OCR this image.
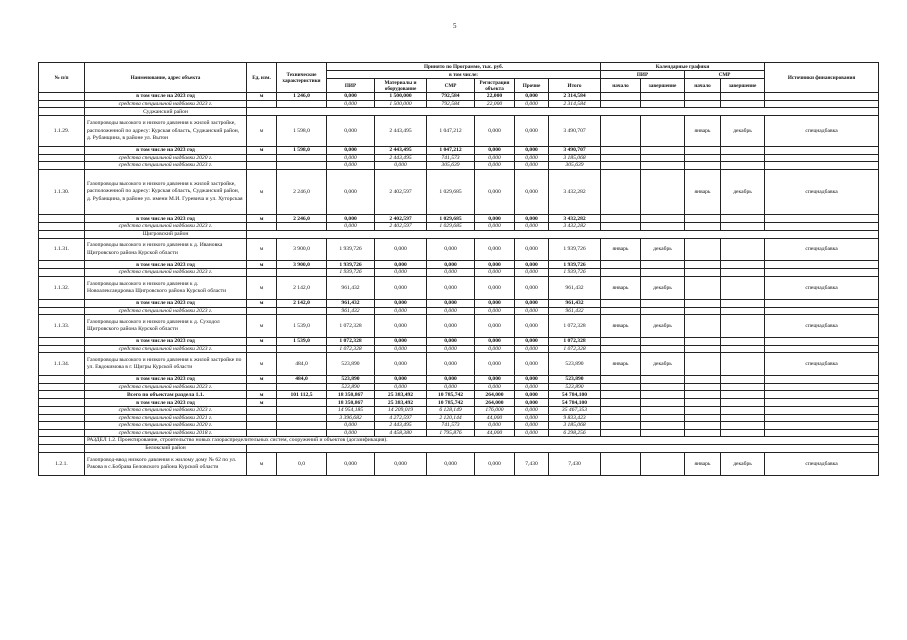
5
№ п/п	Наименование, адрес объекта	Ед. изм.	Технические характеристики	Принято по Программе, тыс. руб.						Календарные графики				Источники финансирования
				в том числе:						ПИР		СМР		
				ПИР	Материалы и оборудование	СМР	Регистрация объекта	Прочие	Итого	начало	завершение	начало	завершение	
	в том числе на 2023 год	м	1 246,0	0,000	1 500,000	792,584	22,000	0,000	2 314,584					
	средства специальной надбавки 2023 г.			0,000	1 500,000	792,584	22,000	0,000	2 314,584					
	Суджанский район													
1.1.29.	Газопроводы высокого и низкого давления к жилой застройке, расположенной по адресу: Курская область, Суджанский район, д. Рубанщина, в районе ул. Вытон	м	1 598,0	0,000	2 443,495	1 047,212	0,000	0,000	3 490,707			январь	декабрь	спецнадбавка
	в том числе на 2023 год	м	1 598,0	0,000	2 443,495	1 047,212	0,000	0,000	3 490,707					
	средства специальной надбавки 2020 г.			0,000	2 443,495	741,573	0,000	0,000	3 185,068					
	средства специальной надбавки 2023 г.			0,000	0,000	305,639	0,000	0,000	305,639					
1.1.30.	Газопроводы высокого и низкого давления к жилой застройке, расположенной по адресу: Курская область, Суджанский район, д. Рубанщина, в районе ул. имени М.И. Гуревича и ул. Хуторская	м	2 246,0	0,000	2 402,597	1 029,685	0,000	0,000	3 432,282			январь	декабрь	спецнадбавка
	в том числе на 2023 год	м	2 246,0	0,000	2 402,597	1 029,685	0,000	0,000	3 432,282					
	средства специальной надбавки 2023 г.			0,000	2 402,597	1 029,685	0,000	0,000	3 432,282					
	Щигровский район													
1.1.31.	Газопроводы высокого и низкого давления к д. Ивановка Щигровского района Курской области	м	3 900,0	1 939,726	0,000	0,000	0,000	0,000	1 939,726	январь	декабрь			спецнадбавка
	в том числе на 2023 год	м	3 900,0	1 939,726	0,000	0,000	0,000	0,000	1 939,726					
	средства специальной надбавки 2023 г.			1 939,726	0,000	0,000	0,000	0,000	1 939,726					
1.1.32.	Газопроводы высокого и низкого давления к д. Новоалександровка Щигровского района Курской области	м	2 142,0	961,432	0,000	0,000	0,000	0,000	961,432	январь	декабрь			спецнадбавка
	в том числе на 2023 год	м	2 142,0	961,432	0,000	0,000	0,000	0,000	961,432					
	средства специальной надбавки 2023 г.			961,432	0,000	0,000	0,000	0,000	961,432					
1.1.33.	Газопроводы высокого и низкого давления к д. Суходол Щигровского района Курской области	м	1 539,0	1 072,328	0,000	0,000	0,000	0,000	1 072,328	январь	декабрь			спецнадбавка
	в том числе на 2023 год	м	1 539,0	1 072,328	0,000	0,000	0,000	0,000	1 072,328					
	средства специальной надбавки 2023 г.			1 072,328	0,000	0,000	0,000	0,000	1 072,328					
1.1.34.	Газопроводы высокого и низкого давления к жилой застройке по ул. Евдокимова в г. Щигры Курской области	м	484,0	523,890	0,000	0,000	0,000	0,000	523,890	январь	декабрь			спецнадбавка
	в том числе на 2023 год	м	484,0	523,890	0,000	0,000	0,000	0,000	523,890					
	средства специальной надбавки 2023 г.			523,890	0,000	0,000	0,000	0,000	523,890					
	Всего по объектам раздела 1.1.	м	101 112,5	18 350,867	25 383,492	10 785,742	264,000	0,000	54 784,100					
	в том числе на 2023 год	м		18 350,867	25 383,492	10 785,742	264,000	0,000	54 784,100					
	средства специальной надбавки 2023 г.			14 954,185	14 209,019	6 128,149	176,000	0,000	35 467,353					
	средства специальной надбавки 2021 г.			3 396,682	4 272,597	2 120,144	44,000	0,000	9 833,423					
	средства специальной надбавки 2020 г.			0,000	2 443,495	741,573	0,000	0,000	3 185,068					
	средства специальной надбавки 2018 г.			0,000	4 458,380	1 795,876	44,000	0,000	6 298,256					
	РАЗДЕЛ 1.2. Проектирование, строительство новых газораспределительных систем, сооружений и объектов (догазификация).													
	Белокский район													
1.2.1.	Газопровод-ввод низкого давления к жилому дому № 62 по ул. Ракова в с.Бобрава Беловского района Курской области	м	0,0	0,000	0,000	0,000	0,000	7,430	7,430			январь	декабрь	спецнадбавка
